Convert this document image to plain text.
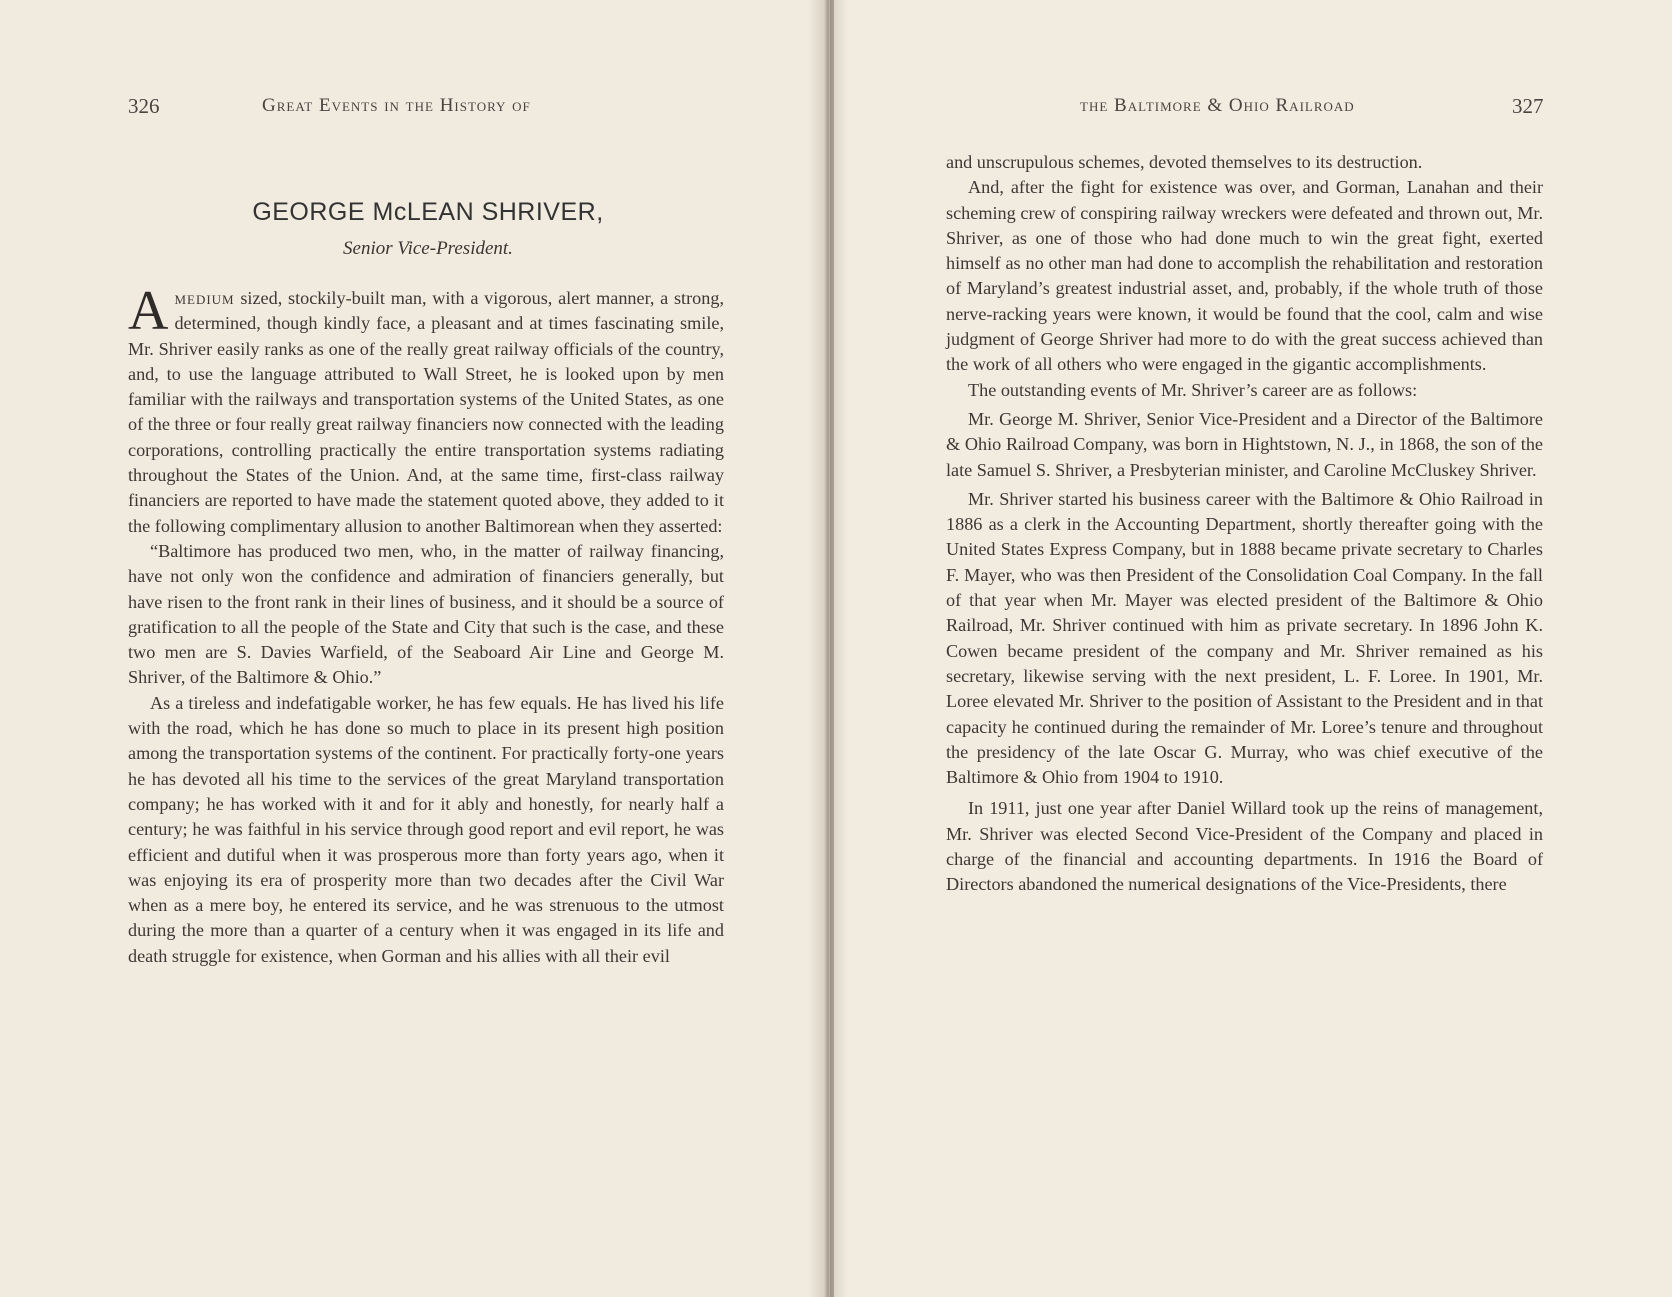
326	Great Events in the History of
GEORGE McLEAN SHRIVER,
Senior Vice-President.

Amedium sized, stockily-built man, with a vigorous, alert manner, a strong, determined, though kindly face, a pleasant and at times fascinating smile, Mr. Shriver easily ranks as one of the really great railway officials of the country, and, to use the language attributed to Wall Street, he is looked upon by men familiar with the railways and transportation systems of the United States, as one of the three or four really great railway financiers now connected with the leading corporations, controlling practically the entire transportation systems radiating throughout the States of the Union. And, at the same time, first-class railway financiers are reported to have made the statement quoted above, they added to it the following complimentary allusion to another Baltimorean when they asserted:

“Baltimore has produced two men, who, in the matter of railway financing, have not only won the confidence and admiration of financiers generally, but have risen to the front rank in their lines of business, and it should be a source of gratification to all the people of the State and City that such is the case, and these two men are S. Davies Warfield, of the Seaboard Air Line and George M. Shriver, of the Baltimore & Ohio.”

As a tireless and indefatigable worker, he has few equals. He has lived his life with the road, which he has done so much to place in its present high position among the transportation systems of the continent. For practically forty-one years he has devoted all his time to the services of the great Maryland transportation company; he has worked with it and for it ably and honestly, for nearly half a century; he was faithful in his service through good report and evil report, he was efficient and dutiful when it was prosperous more than forty years ago, when it was enjoying its era of prosperity more than two decades after the Civil War when as a mere boy, he entered its service, and he was strenuous to the utmost during the more than a quarter of a century when it was engaged in its life and death struggle for existence, when Gorman and his allies with all their evil

the Baltimore & Ohio Railroad	327

and unscrupulous schemes, devoted themselves to its destruction.

And, after the fight for existence was over, and Gorman, Lanahan and their scheming crew of conspiring railway wreckers were defeated and thrown out, Mr. Shriver, as one of those who had done much to win the great fight, exerted himself as no other man had done to accomplish the rehabilitation and restoration of Maryland’s greatest industrial asset, and, probably, if the whole truth of those nerve-racking years were known, it would be found that the cool, calm and wise judgment of George Shriver had more to do with the great success achieved than the work of all others who were engaged in the gigantic accomplishments.

The outstanding events of Mr. Shriver’s career are as follows:

Mr. George M. Shriver, Senior Vice-President and a Director of the Baltimore & Ohio Railroad Company, was born in Hightstown, N. J., in 1868, the son of the late Samuel S. Shriver, a Presbyterian minister, and Caroline McCluskey Shriver.

Mr. Shriver started his business career with the Baltimore & Ohio Railroad in 1886 as a clerk in the Accounting Department, shortly thereafter going with the United States Express Company, but in 1888 became private secretary to Charles F. Mayer, who was then President of the Consolidation Coal Company. In the fall of that year when Mr. Mayer was elected president of the Baltimore & Ohio Railroad, Mr. Shriver continued with him as private secretary. In 1896 John K. Cowen became president of the company and Mr. Shriver remained as his secretary, likewise serving with the next president, L. F. Loree. In 1901, Mr. Loree elevated Mr. Shriver to the position of Assistant to the President and in that capacity he continued during the remainder of Mr. Loree’s tenure and throughout the presidency of the late Oscar G. Murray, who was chief executive of the Baltimore & Ohio from 1904 to 1910.

In 1911, just one year after Daniel Willard took up the reins of management, Mr. Shriver was elected Second Vice-President of the Company and placed in charge of the financial and accounting departments. In 1916 the Board of Directors abandoned the numerical designations of the Vice-Presidents, there
